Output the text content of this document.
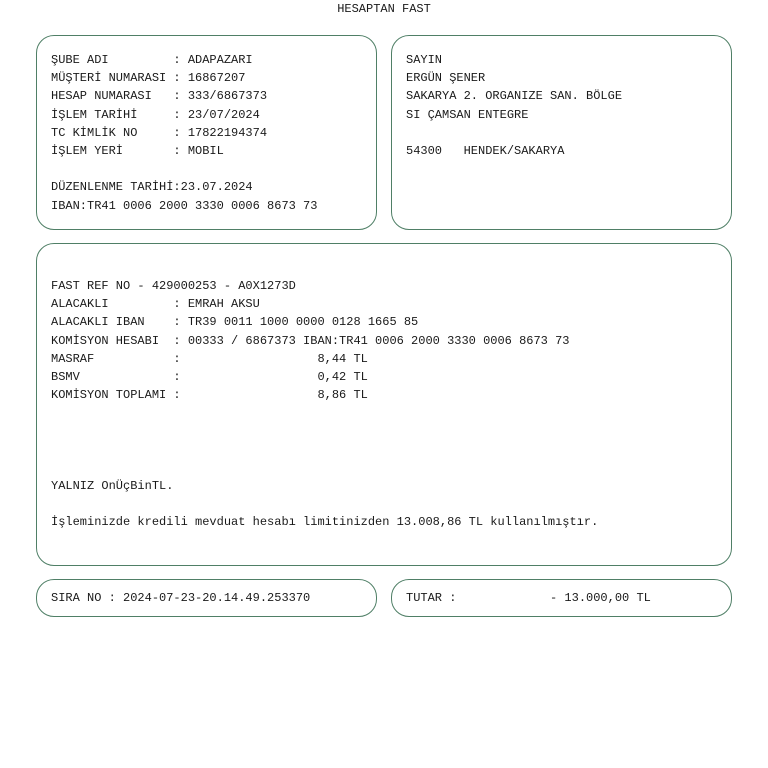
HESAPTAN FAST
ŞUBE ADI         : ADAPAZARI
MÜŞTERİ NUMARASI : 16867207
HESAP NUMARASI   : 333/6867373
İŞLEM TARİHİ     : 23/07/2024
TC KİMLİK NO     : 17822194374
İŞLEM YERİ       : MOBIL
DÜZENLENME TARİHİ:23.07.2024
IBAN:TR41 0006 2000 3330 0006 8673 73
SAYIN
ERGÜN ŞENER
SAKARYA 2. ORGANIZE SAN. BÖLGE
SI ÇAMSAN ENTEGRE
54300   HENDEK/SAKARYA
FAST REF NO - 429000253 - A0X1273D
ALACAKLI         : EMRAH AKSU
ALACAKLI IBAN    : TR39 0011 1000 0000 0128 1665 85
KOMİSYON HESABI  : 00333 / 6867373 IBAN:TR41 0006 2000 3330 0006 8673 73
MASRAF           :                   8,44 TL
BSMV             :                   0,42 TL
KOMİSYON TOPLAMI :                   8,86 TL
YALNIZ OnÜçBinTL.
İşleminizde kredili mevduat hesabı limitinizden 13.008,86 TL kullanılmıştır.
SIRA NO : 2024-07-23-20.14.49.253370	TUTAR :             - 13.000,00 TL
